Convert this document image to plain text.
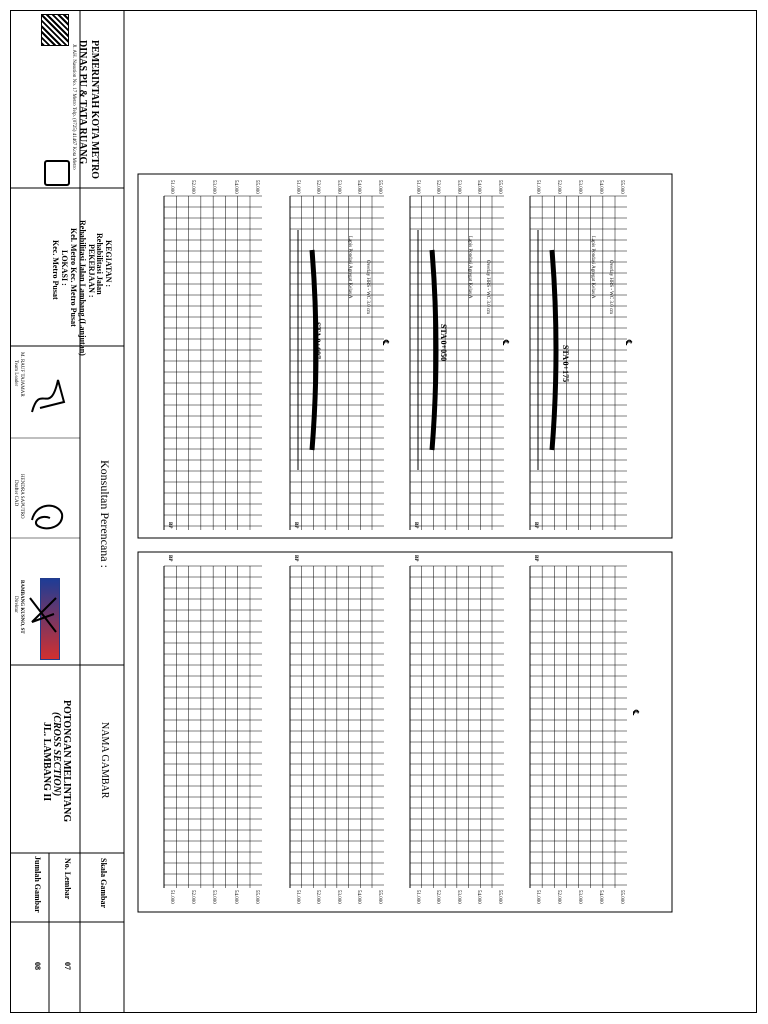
PEMERINTAH KOTA METRO
DINAS PU & TATA RUANG
Jl. AH. Nasution No. 17 Metro Telp. (0725) 41467 Kota Metro
KEGIATAN :
Rehabilitasi Jalan
PEKERJAAN :
Rehabilitasi Jalan Lambang (Lanjutan)
Kel. Metro Kec. Metro Pusat
LOKASI :
Kec. Metro Pusat
Konsultan Perencana :
M. RAUF TAJAMAR
Team Leader
HENDRA SAPUTRO
Drafter CAD
BAMBANG KUSNO, ST
Direktur
NAMA GAMBAR
POTONGAN MELINTANG
(CROSS SECTION)
JL. LAMBANG II
Skala Gambar
No. Lembar
07
Jumlah Gambar
08
STA 0+175
STA 0+050
STA 0+097
51.000	52.000	53.000	54.000	55.000
BP
51.000	52.000	53.000	54.000	55.000
BP
51.000	52.000	53.000	54.000	55.000
BP
51.000	52.000	53.000	54.000	55.000
BP
51.000	52.000	53.000	54.000	55.000
BP
51.000	52.000	53.000	54.000	55.000
BP
51.000	52.000	53.000	54.000	55.000
BP
51.000	52.000	53.000	54.000	55.000
BP
Overlay HRS - WC 3.0 cm
Lapis Pondasi Agregat Kelas A
℄
Overlay HRS - WC 3.0 cm
Lapis Pondasi Agregat Kelas A
℄
Overlay HRS - WC 3.0 cm
Lapis Pondasi Agregat Kelas A
℄
℄
